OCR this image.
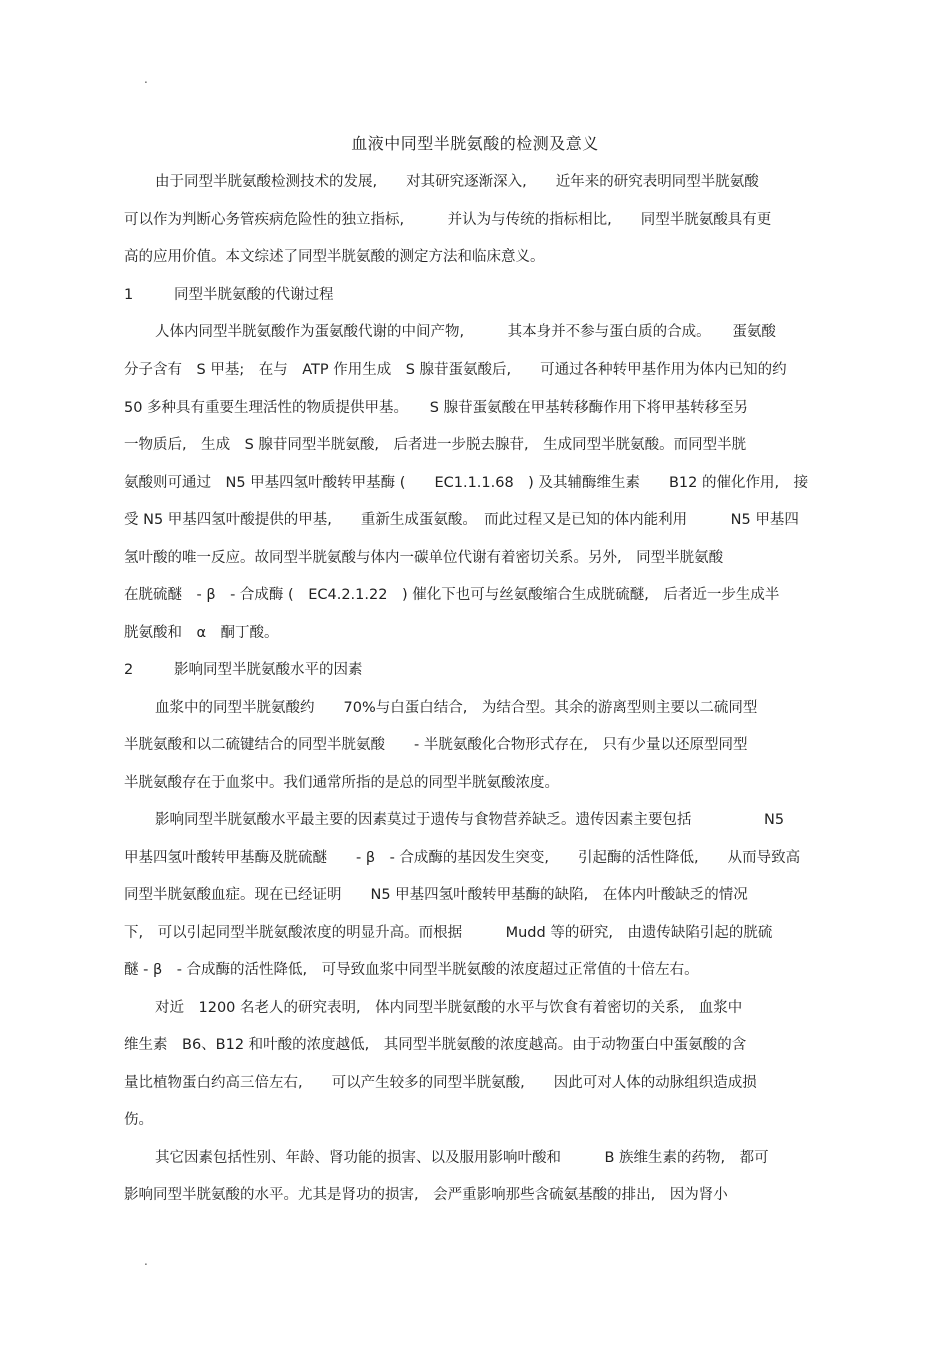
.
血液中同型半胱氨酸的检测及意义
由于同型半胱氨酸检测技术的发展,　　对其研究逐渐深入,　　近年来的研究表明同型半胱氨酸
可以作为判断心务管疾病危险性的独立指标,　　　并认为与传统的指标相比,　　同型半胱氨酸具有更
高的应用价值。本文综述了同型半胱氨酸的测定方法和临床意义。
1	同型半胱氨酸的代谢过程
人体内同型半胱氨酸作为蛋氨酸代谢的中间产物,　　　其本身并不参与蛋白质的合成。　　蛋氨酸
分子含有　S 甲基;　在与　ATP 作用生成　S 腺苷蛋氨酸后,　　可通过各种转甲基作用为体内已知的约
50 多种具有重要生理活性的物质提供甲基。　　S 腺苷蛋氨酸在甲基转移酶作用下将甲基转移至另
一物质后,　生成　S 腺苷同型半胱氨酸,　后者进一步脱去腺苷,　生成同型半胱氨酸。而同型半胱
氨酸则可通过　N5 甲基四氢叶酸转甲基酶 (　　EC1.1.1.68　) 及其辅酶维生素　　B12 的催化作用,　接
受 N5 甲基四氢叶酸提供的甲基,　　重新生成蛋氨酸。　而此过程又是已知的体内能利用　　　N5 甲基四
氢叶酸的唯一反应。故同型半胱氨酸与体内一碳单位代谢有着密切关系。另外,　同型半胱氨酸
在胱硫醚　- β　- 合成酶 (　EC4.2.1.22　) 催化下也可与丝氨酸缩合生成胱硫醚,　后者近一步生成半
胱氨酸和　α　酮丁酸。
2	影响同型半胱氨酸水平的因素
血浆中的同型半胱氨酸约　　70%与白蛋白结合,　为结合型。其余的游离型则主要以二硫同型
半胱氨酸和以二硫键结合的同型半胱氨酸　　- 半胱氨酸化合物形式存在,　只有少量以还原型同型
半胱氨酸存在于血浆中。我们通常所指的是总的同型半胱氨酸浓度。
影响同型半胱氨酸水平最主要的因素莫过于遗传与食物营养缺乏。遗传因素主要包括　　　　　N5
甲基四氢叶酸转甲基酶及胱硫醚　　- β　- 合成酶的基因发生突变,　　引起酶的活性降低,　　从而导致高
同型半胱氨酸血症。现在已经证明　　N5 甲基四氢叶酸转甲基酶的缺陷,　在体内叶酸缺乏的情况
下,　可以引起同型半胱氨酸浓度的明显升高。而根据　　　Mudd 等的研究,　由遗传缺陷引起的胱硫
醚 - β　- 合成酶的活性降低,　可导致血浆中同型半胱氨酸的浓度超过正常值的十倍左右。
对近　1200 名老人的研究表明,　体内同型半胱氨酸的水平与饮食有着密切的关系,　血浆中
维生素　B6、B12 和叶酸的浓度越低,　其同型半胱氨酸的浓度越高。由于动物蛋白中蛋氨酸的含
量比植物蛋白约高三倍左右,　　可以产生较多的同型半胱氨酸,　　因此可对人体的动脉组织造成损
伤。
其它因素包括性别、年龄、肾功能的损害、以及服用影响叶酸和　　　B 族维生素的药物,　都可
影响同型半胱氨酸的水平。尤其是肾功的损害,　会严重影响那些含硫氨基酸的排出,　因为肾小
.
